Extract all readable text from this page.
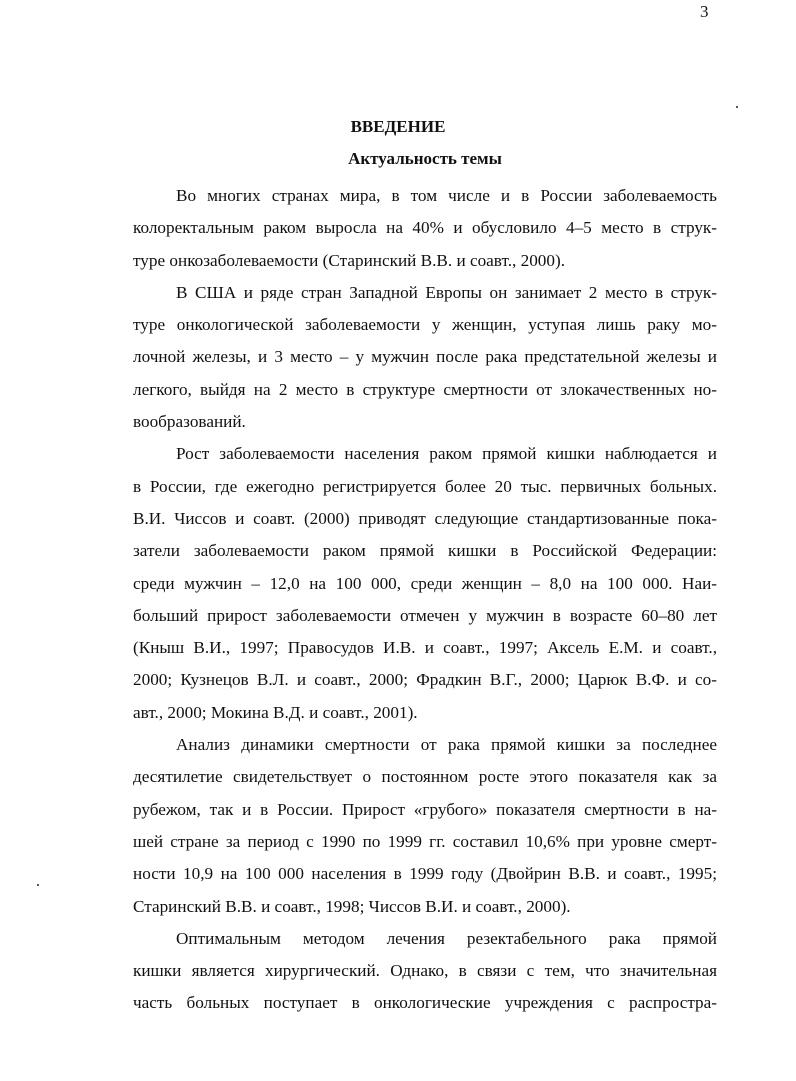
3
ВВЕДЕНИЕ
Актуальность темы
Во многих странах мира, в том числе и в России заболеваемость
колоректальным раком выросла на 40% и обусловило 4–5 место в струк-
туре онкозаболеваемости (Старинский В.В. и соавт., 2000).
В США и ряде стран Западной Европы он занимает 2 место в струк-
туре онкологической заболеваемости у женщин, уступая лишь раку мо-
лочной железы, и 3 место – у мужчин после рака предстательной железы и
легкого, выйдя на 2 место в структуре смертности от злокачественных но-
вообразований.
Рост заболеваемости населения раком прямой кишки наблюдается и
в России, где ежегодно регистрируется более 20 тыс. первичных больных.
В.И. Чиссов и соавт. (2000) приводят следующие стандартизованные пока-
затели заболеваемости раком прямой кишки в Российской Федерации:
среди мужчин – 12,0 на 100 000, среди женщин – 8,0 на 100 000. Наи-
больший прирост заболеваемости отмечен у мужчин в возрасте 60–80 лет
(Кныш В.И., 1997; Правосудов И.В. и соавт., 1997; Аксель Е.М. и соавт.,
2000; Кузнецов В.Л. и соавт., 2000; Фрадкин В.Г., 2000; Царюк В.Ф. и со-
авт., 2000; Мокина В.Д. и соавт., 2001).
Анализ динамики смертности от рака прямой кишки за последнее
десятилетие свидетельствует о постоянном росте этого показателя как за
рубежом, так и в России. Прирост «грубого» показателя смертности в на-
шей стране за период с 1990 по 1999 гг. составил 10,6% при уровне смерт-
ности 10,9 на 100 000 населения в 1999 году (Двойрин В.В. и соавт., 1995;
Старинский В.В. и соавт., 1998; Чиссов В.И. и соавт., 2000).
Оптимальным методом лечения резектабельного рака прямой
кишки является хирургический. Однако, в связи с тем, что значительная
часть больных поступает в онкологические учреждения с распростра-
